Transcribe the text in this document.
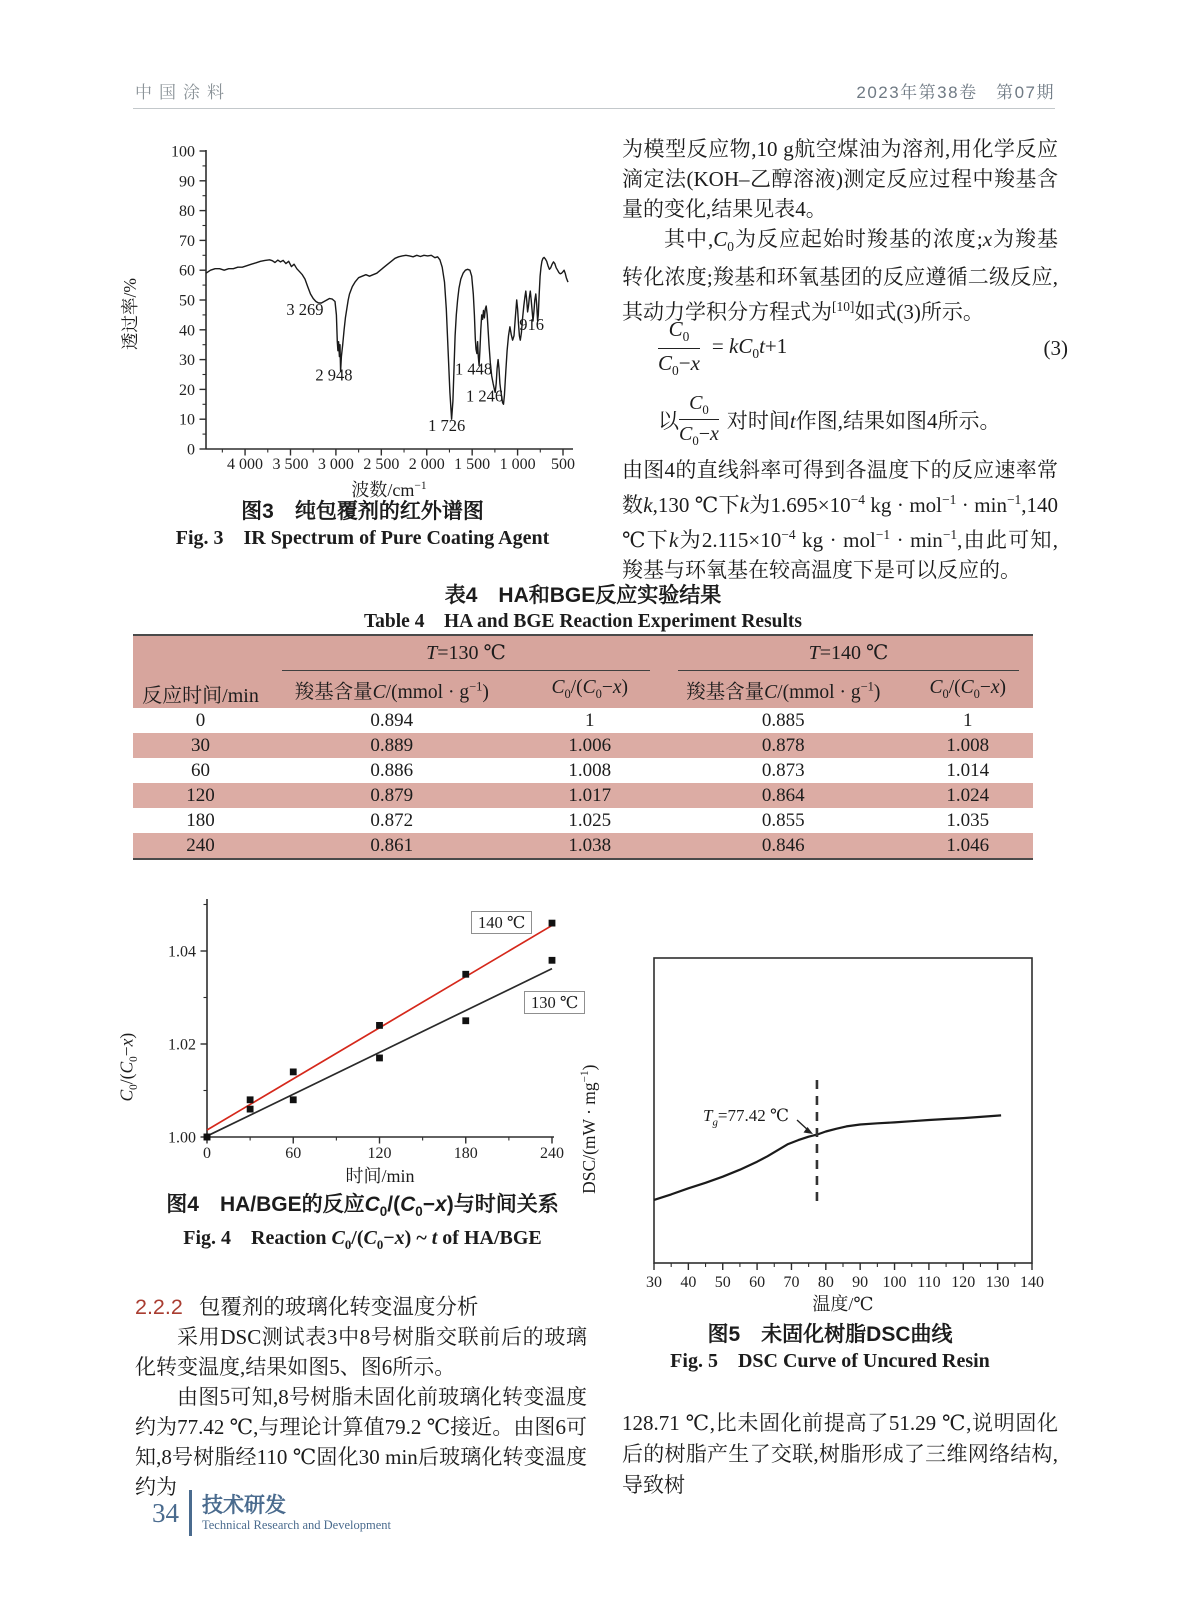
中国涂料	2023年第38卷　第07期
0
10
20
30
40
50
60
70
80
90
100
4 000 3 500 3 000 2 500 2 000 1 500 1 000 500
3 269
2 948
1 726
1 448
1 246
916
透过率/%
波数$/cm^{-1}$
图3　纯包覆剂的红外谱图
Fig. 3　IR Spectrum of Pure Coating Agent
为模型反应物,10 g航空煤油为溶剂,用化学反应滴定法(KOH–乙醇溶液)测定反应过程中羧基含量的变化,结果见表4。
其中$,C_0$为反应起始时羧基的浓度;x为羧基转化浓度;羧基和环氧基团的反应遵循二级反应,其动力学积分方程式为[10]如式(3)所示。
$\frac{C_0}{C_0-x} = kC_0t+1$	(3)
以 $\frac{C_0}{C_0-x}$ 对时间t作图,结果如图4所示。
由图4的直线斜率可得到各温度下的反应速率常数k,130 ℃下k为$1.695\times 10^{-4}$ kg · $mol^{-1} \cdot \min^{-1},140$ ℃下k为$2.115\times 10^{-4}$ kg · $mol^{-1} \cdot \min^{-1}$,由此可知,羧基与环氧基在较高温度下是可以反应的。
表4　HA和BGE反应实验结果
Table 4　HA and BGE Reaction Experiment Results
反应时间/min	T=130 ℃		T=140 ℃	

	羧基含量C/(mmol · $g^{-1}$)	$C_0/(C_0-x)$	羧基含量C/(mmol · $g^{-1}$)	$C_0/(C_0-x)$
0	0.894	1	0.885	1
30	0.889	1.006	0.878	1.008
60	0.886	1.008	0.873	1.014
120	0.879	1.017	0.864	1.024
180	0.872	1.025	0.855	1.035
240	0.861	1.038	0.846	1.046
1.00
1.02
1.04
0	60	120	180	240
$C_0/(C_0-x)$
时间/min
140 ℃
130 ℃
图4　HA/BGE的反应$C_0/(C_0-x)$与时间关系
Fig. 4　Reaction $C_0/(C_0-x)$ ~ t of HA/BGE
2.2.2 包覆剂的玻璃化转变温度分析
采用DSC测试表3中8号树脂交联前后的玻璃化转变温度,结果如图5、图6所示。
由图5可知,8号树脂未固化前玻璃化转变温度约为77.42 ℃,与理论计算值79.2 ℃接近。由图6可知,8号树脂经110 ℃固化30 min后玻璃化转变温度约为
30 40 50 60 70 80 90 100 110 120 130 140
$DSC/(mW \cdot mg^{-1})$
温度/℃
$T_g=77.42$ ℃
图5　未固化树脂DSC曲线
Fig. 5　DSC Curve of Uncured Resin
128.71 ℃,比未固化前提高了51.29 ℃,说明固化后的树脂产生了交联,树脂形成了三维网络结构,导致树
34 技术研发
Technical Research and Development
